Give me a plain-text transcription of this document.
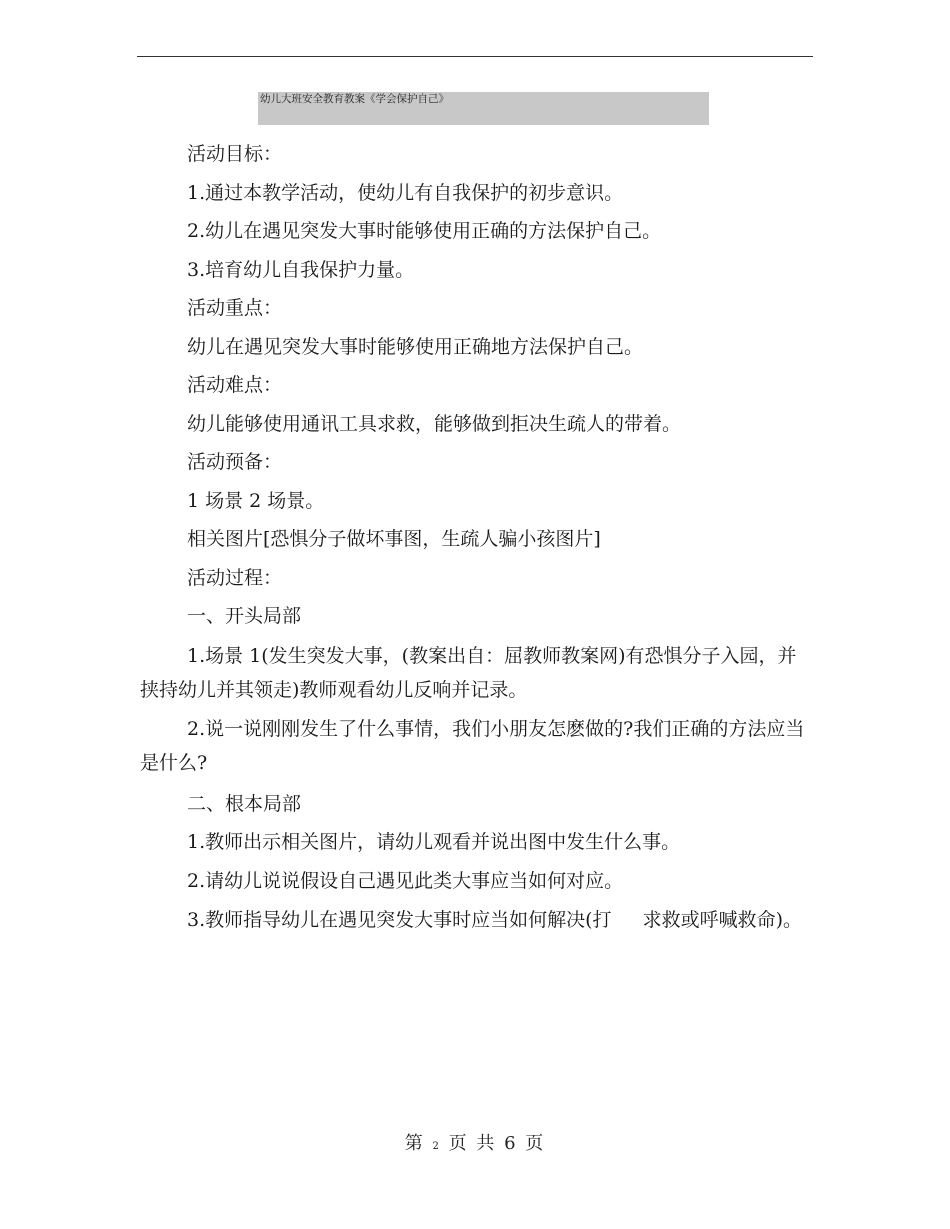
幼儿大班安全教育教案《学会保护自己》
活动目标：
1.通过本教学活动，使幼儿有自我保护的初步意识。
2.幼儿在遇见突发大事时能够使用正确的方法保护自己。
3.培育幼儿自我保护力量。
活动重点：
幼儿在遇见突发大事时能够使用正确地方法保护自己。
活动难点：
幼儿能够使用通讯工具求救，能够做到拒决生疏人的带着。
活动预备：
1 场景 2 场景。
相关图片[恐惧分子做坏事图，生疏人骗小孩图片]
活动过程：
一、开头局部
1.场景 1(发生突发大事，(教案出自：屈教师教案网)有恐惧分子入园，并挟持幼儿并其领走)教师观看幼儿反响并记录。
2.说一说刚刚发生了什么事情，我们小朋友怎麽做的?我们正确的方法应当是什么?
二、根本局部
1.教师出示相关图片，请幼儿观看并说出图中发生什么事。
2.请幼儿说说假设自己遇见此类大事应当如何对应。
3.教师指导幼儿在遇见突发大事时应当如何解决(打 　 求救或呼喊救命)。
第 2 页 共 6 页
